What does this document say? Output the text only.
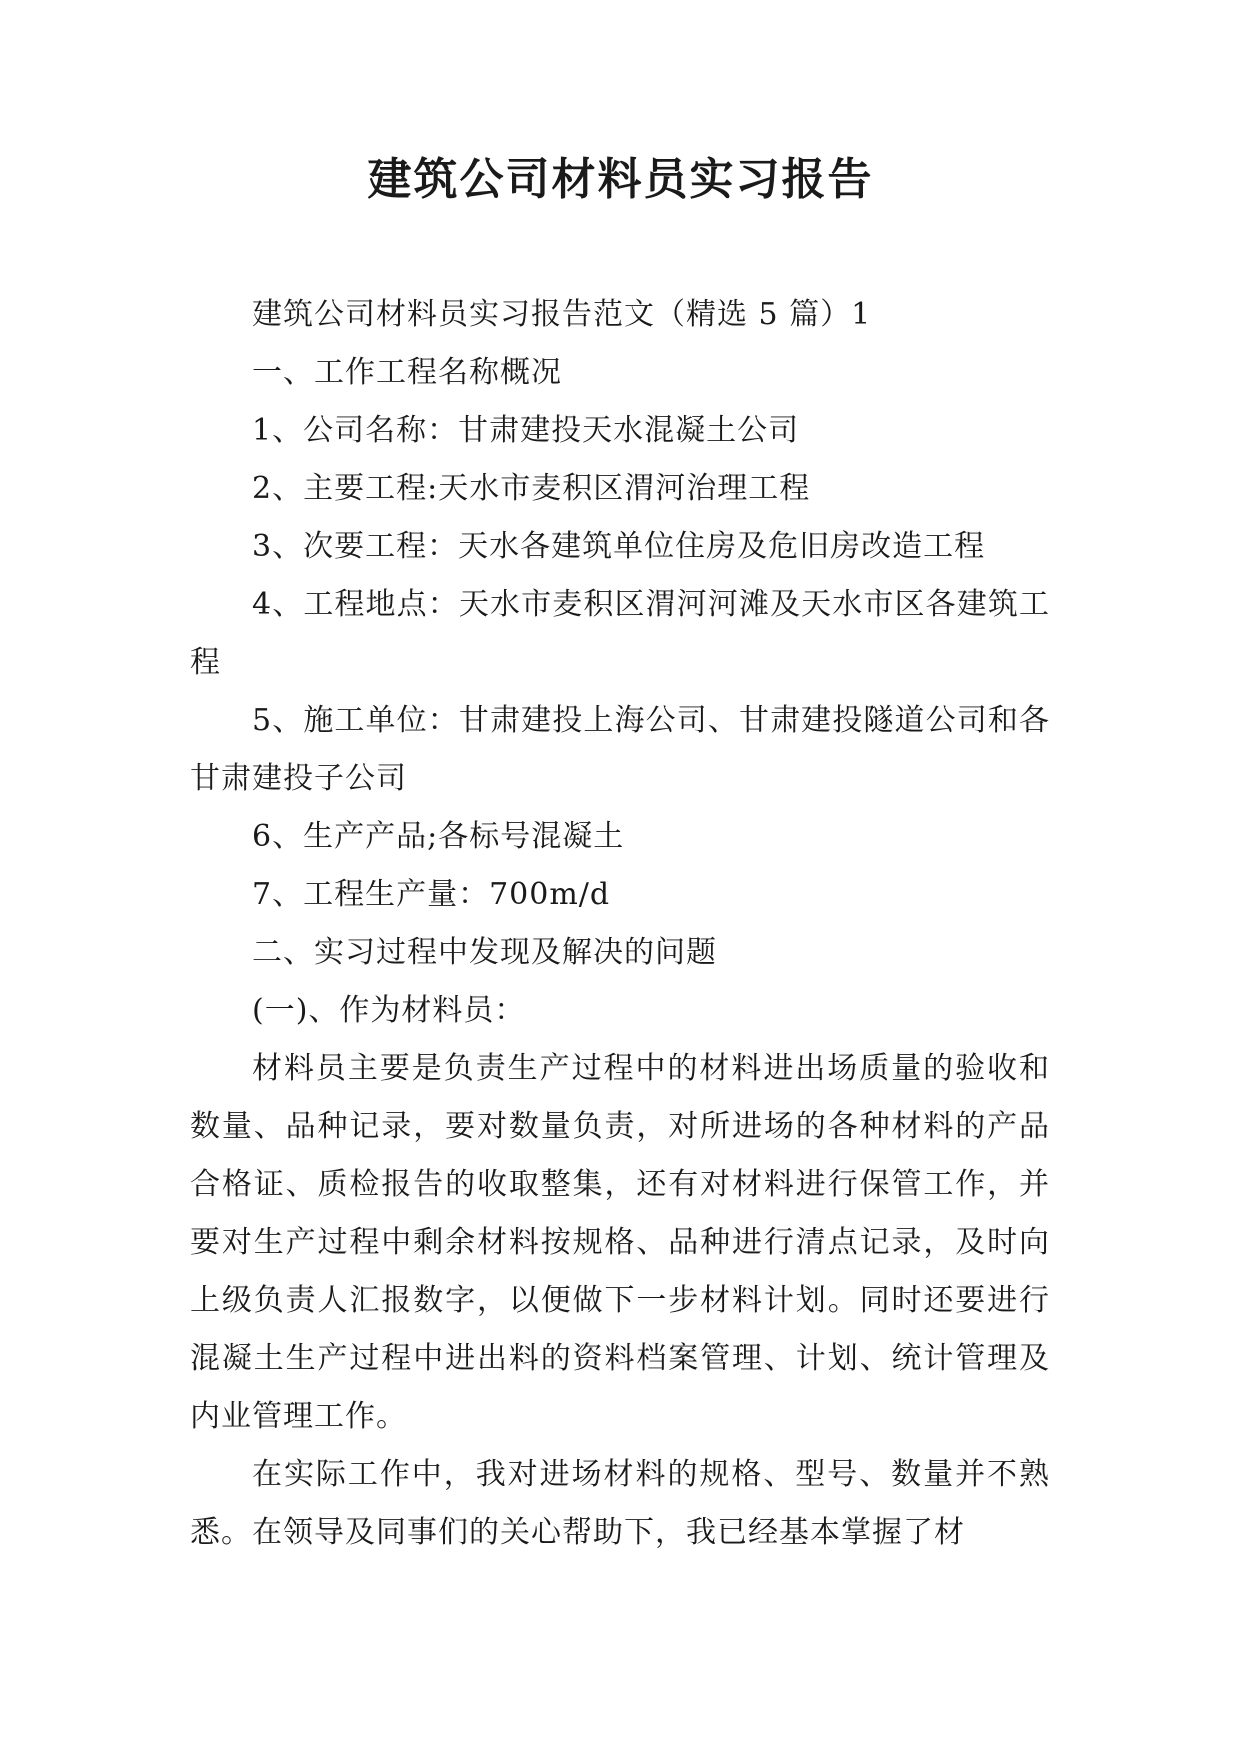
建筑公司材料员实习报告

建筑公司材料员实习报告范文（精选 5 篇）1

一、工作工程名称概况

1、公司名称：甘肃建投天水混凝土公司

2、主要工程:天水市麦积区渭河治理工程

3、次要工程：天水各建筑单位住房及危旧房改造工程

4、工程地点：天水市麦积区渭河河滩及天水市区各建筑工程

5、施工单位：甘肃建投上海公司、甘肃建投隧道公司和各甘肃建投子公司

6、生产产品;各标号混凝土

7、工程生产量：700m/d

二、实习过程中发现及解决的问题

(一)、作为材料员：

材料员主要是负责生产过程中的材料进出场质量的验收和数量、品种记录，要对数量负责，对所进场的各种材料的产品合格证、质检报告的收取整集，还有对材料进行保管工作，并要对生产过程中剩余材料按规格、品种进行清点记录，及时向上级负责人汇报数字，以便做下一步材料计划。同时还要进行混凝土生产过程中进出料的资料档案管理、计划、统计管理及内业管理工作。

在实际工作中，我对进场材料的规格、型号、数量并不熟悉。在领导及同事们的关心帮助下，我已经基本掌握了材
